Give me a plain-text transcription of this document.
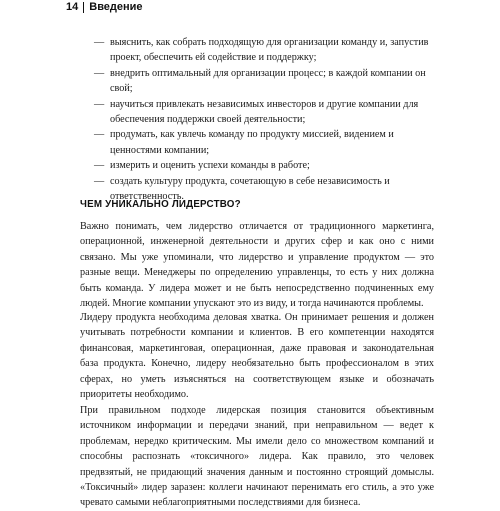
14 Введение
— выяснить, как собрать подходящую для организации команду и, запустив проект, обеспечить ей содействие и поддержку;
— внедрить оптимальный для организации процесс; в каждой компании он свой;
— научиться привлекать независимых инвесторов и другие компании для обеспечения поддержки своей деятельности;
— продумать, как увлечь команду по продукту миссией, видением и ценностями компании;
— измерить и оценить успехи команды в работе;
— создать культуру продукта, сочетающую в себе независимость и ответственность.
ЧЕМ УНИКАЛЬНО ЛИДЕРСТВО?

Важно понимать, чем лидерство отличается от традиционного маркетинга, операционной, инженерной деятельности и других сфер и как оно с ними связано. Мы уже упоминали, что лидерство и управление продуктом — это разные вещи. Менеджеры по определению управленцы, то есть у них должна быть команда. У лидера может и не быть непосредственно подчиненных ему людей. Многие компании упускают это из виду, и тогда начинаются проблемы.

Лидеру продукта необходима деловая хватка. Он принимает решения и должен учитывать потребности компании и клиентов. В его компетенции находятся финансовая, маркетинговая, операционная, даже правовая и законодательная база продукта. Конечно, лидеру необязательно быть профессионалом в этих сферах, но уметь изъясняться на соответствующем языке и обозначать приоритеты необходимо.

При правильном подходе лидерская позиция становится объективным источником информации и передачи знаний, при неправильном — ведет к проблемам, нередко критическим. Мы имели дело со множеством компаний и способны распознать «токсичного» лидера. Как правило, это человек предвзятый, не придающий значения данным и постоянно строящий домыслы. «Токсичный» лидер заразен: коллеги начинают перенимать его стиль, а это уже чревато самыми неблагоприятными последствиями для бизнеса.
